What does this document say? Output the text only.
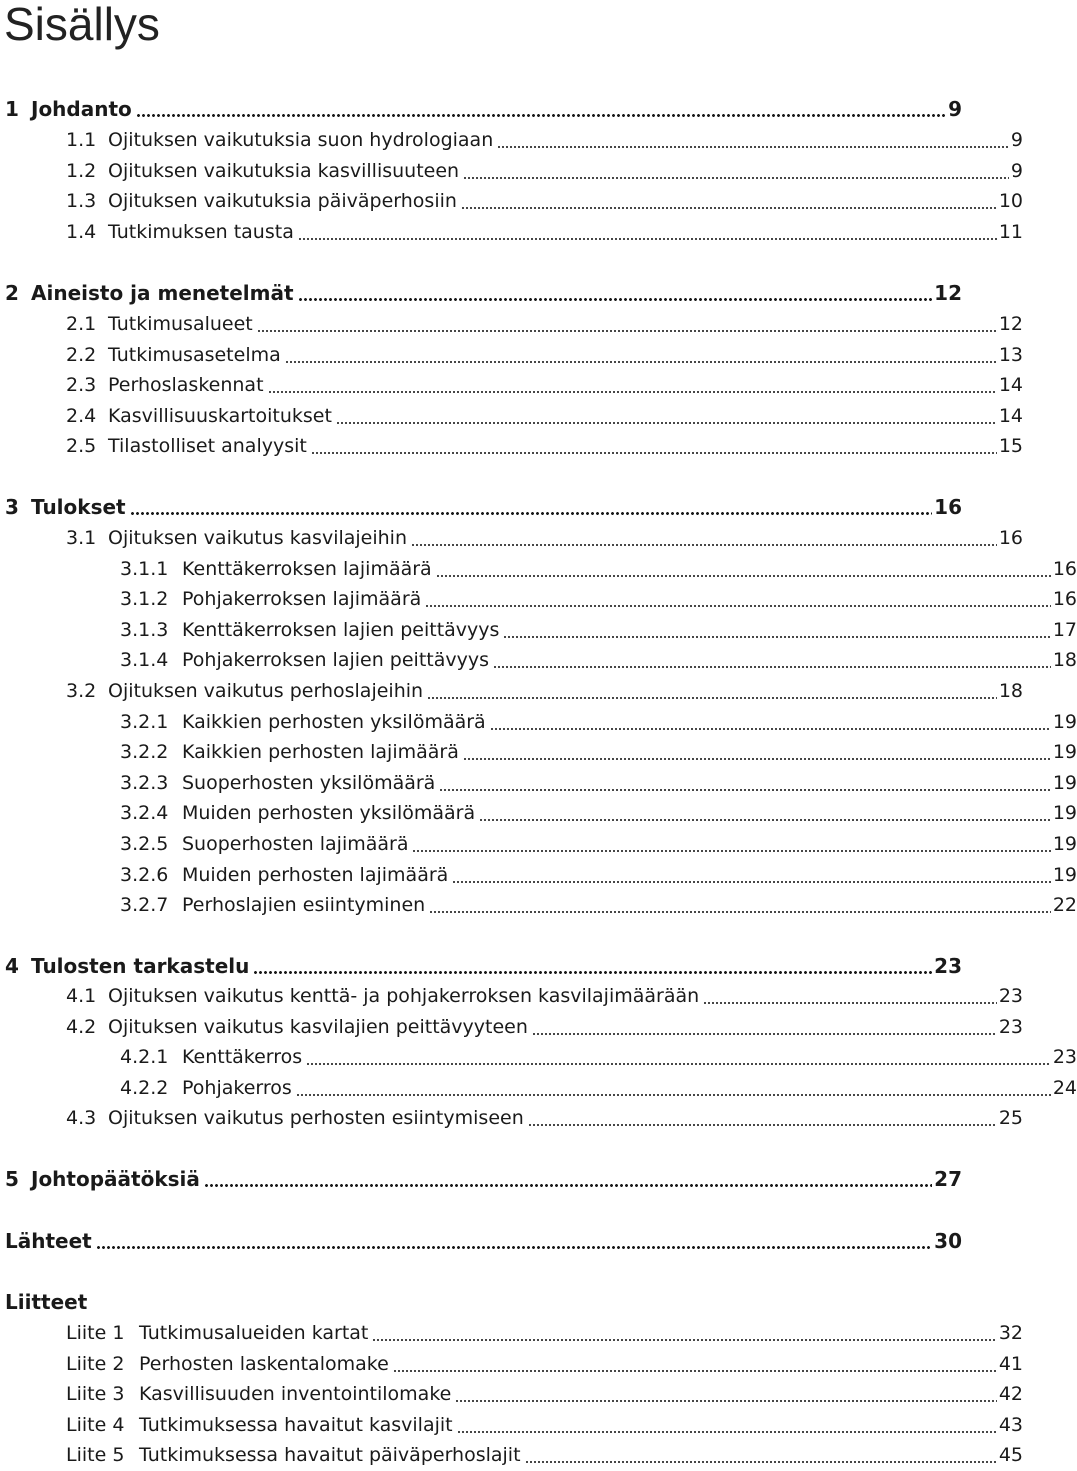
Sisällys
1 Johdanto	9
1.1 Ojituksen vaikutuksia suon hydrologiaan	9
1.2 Ojituksen vaikutuksia kasvillisuuteen	9
1.3 Ojituksen vaikutuksia päiväperhosiin	10
1.4 Tutkimuksen tausta	11
2 Aineisto ja menetelmät	12
2.1 Tutkimusalueet	12
2.2 Tutkimusasetelma	13
2.3 Perhoslaskennat	14
2.4 Kasvillisuuskartoitukset	14
2.5 Tilastolliset analyysit	15
3 Tulokset	16
3.1 Ojituksen vaikutus kasvilajeihin	16
3.1.1 Kenttäkerroksen lajimäärä	16
3.1.2 Pohjakerroksen lajimäärä	16
3.1.3 Kenttäkerroksen lajien peittävyys	17
3.1.4 Pohjakerroksen lajien peittävyys	18
3.2 Ojituksen vaikutus perhoslajeihin	18
3.2.1 Kaikkien perhosten yksilömäärä	19
3.2.2 Kaikkien perhosten lajimäärä	19
3.2.3 Suoperhosten yksilömäärä	19
3.2.4 Muiden perhosten yksilömäärä	19
3.2.5 Suoperhosten lajimäärä	19
3.2.6 Muiden perhosten lajimäärä	19
3.2.7 Perhoslajien esiintyminen	22
4 Tulosten tarkastelu	23
4.1 Ojituksen vaikutus kenttä- ja pohjakerroksen kasvilajimäärään	23
4.2 Ojituksen vaikutus kasvilajien peittävyyteen	23
4.2.1 Kenttäkerros	23
4.2.2 Pohjakerros	24
4.3 Ojituksen vaikutus perhosten esiintymiseen	25
5 Johtopäätöksiä	27
Lähteet	30
Liitteet
Liite 1 Tutkimusalueiden kartat	32
Liite 2 Perhosten laskentalomake	41
Liite 3 Kasvillisuuden inventointilomake	42
Liite 4 Tutkimuksessa havaitut kasvilajit	43
Liite 5 Tutkimuksessa havaitut päiväperhoslajit	45
